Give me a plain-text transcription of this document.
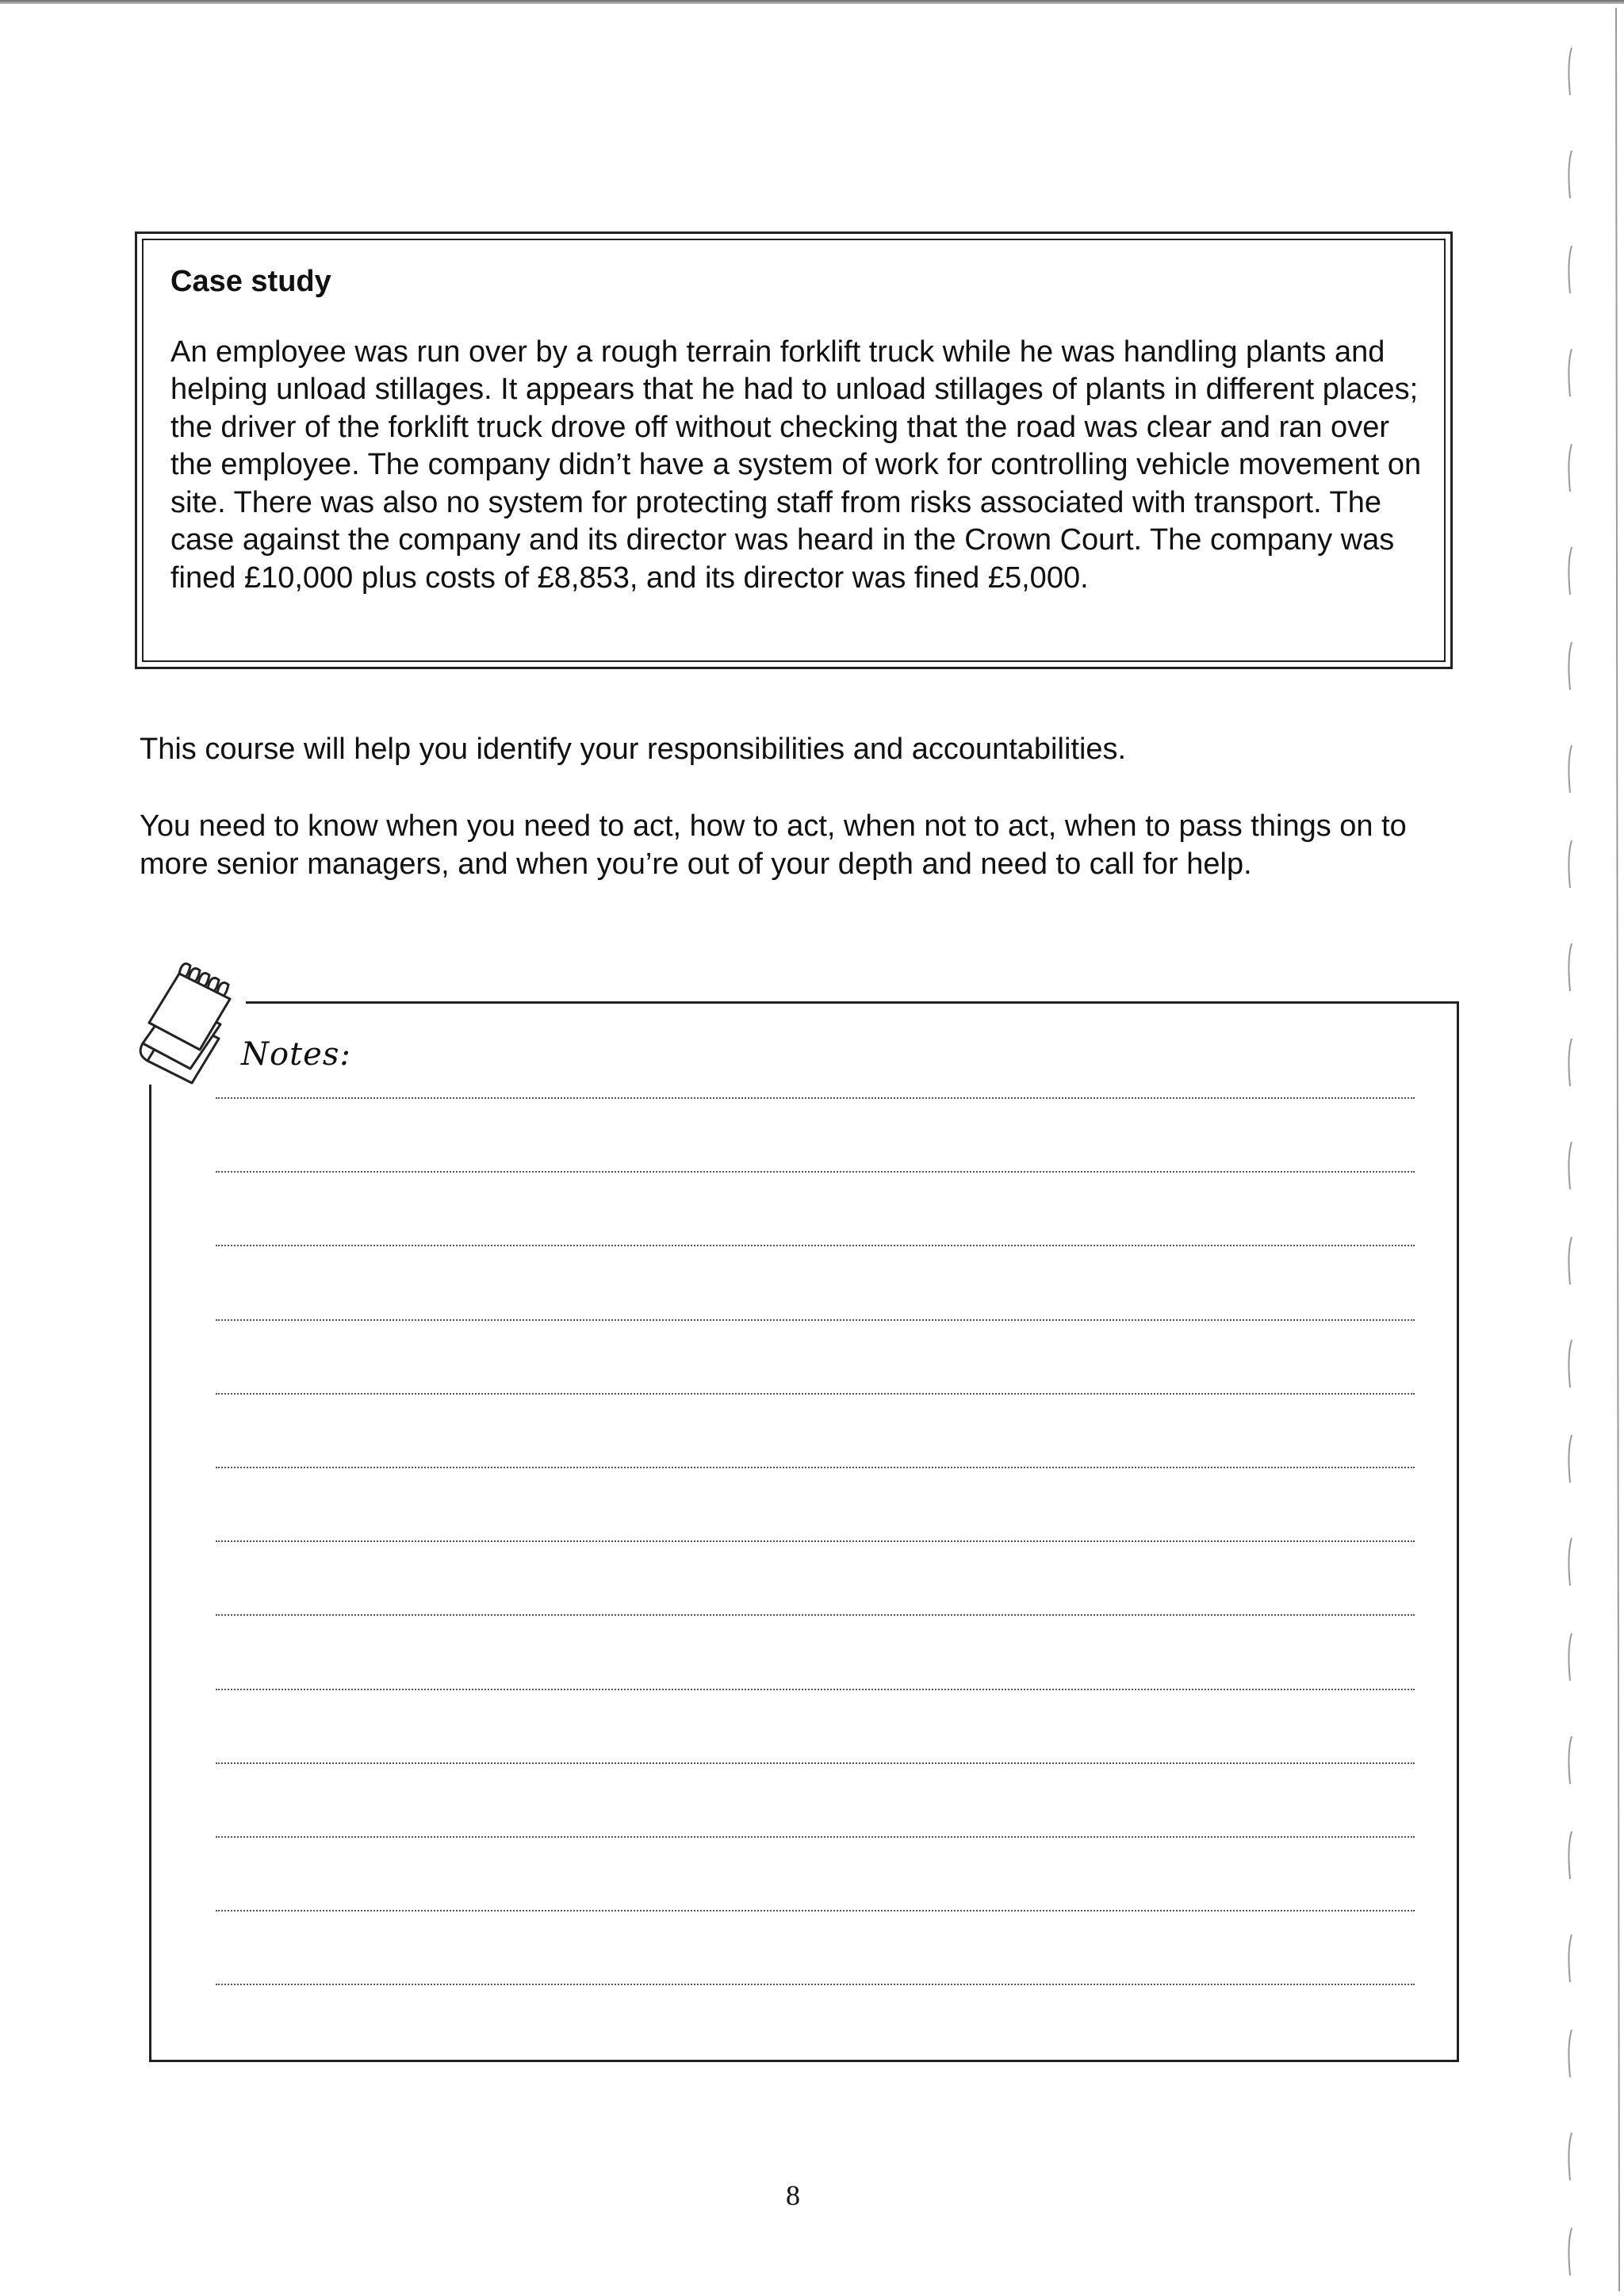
Case study

An employee was run over by a rough terrain forklift truck while he was handling plants and helping unload stillages. It appears that he had to unload stillages of plants in different places; the driver of the forklift truck drove off without checking that the road was clear and ran over the employee. The company didn’t have a system of work for controlling vehicle movement on site. There was also no system for protecting staff from risks associated with transport. The case against the company and its director was heard in the Crown Court. The company was fined £10,000 plus costs of £8,853, and its director was fined £5,000.

This course will help you identify your responsibilities and accountabilities.

You need to know when you need to act, how to act, when not to act, when to pass things on to more senior managers, and when you’re out of your depth and need to call for help.

Notes:
8
